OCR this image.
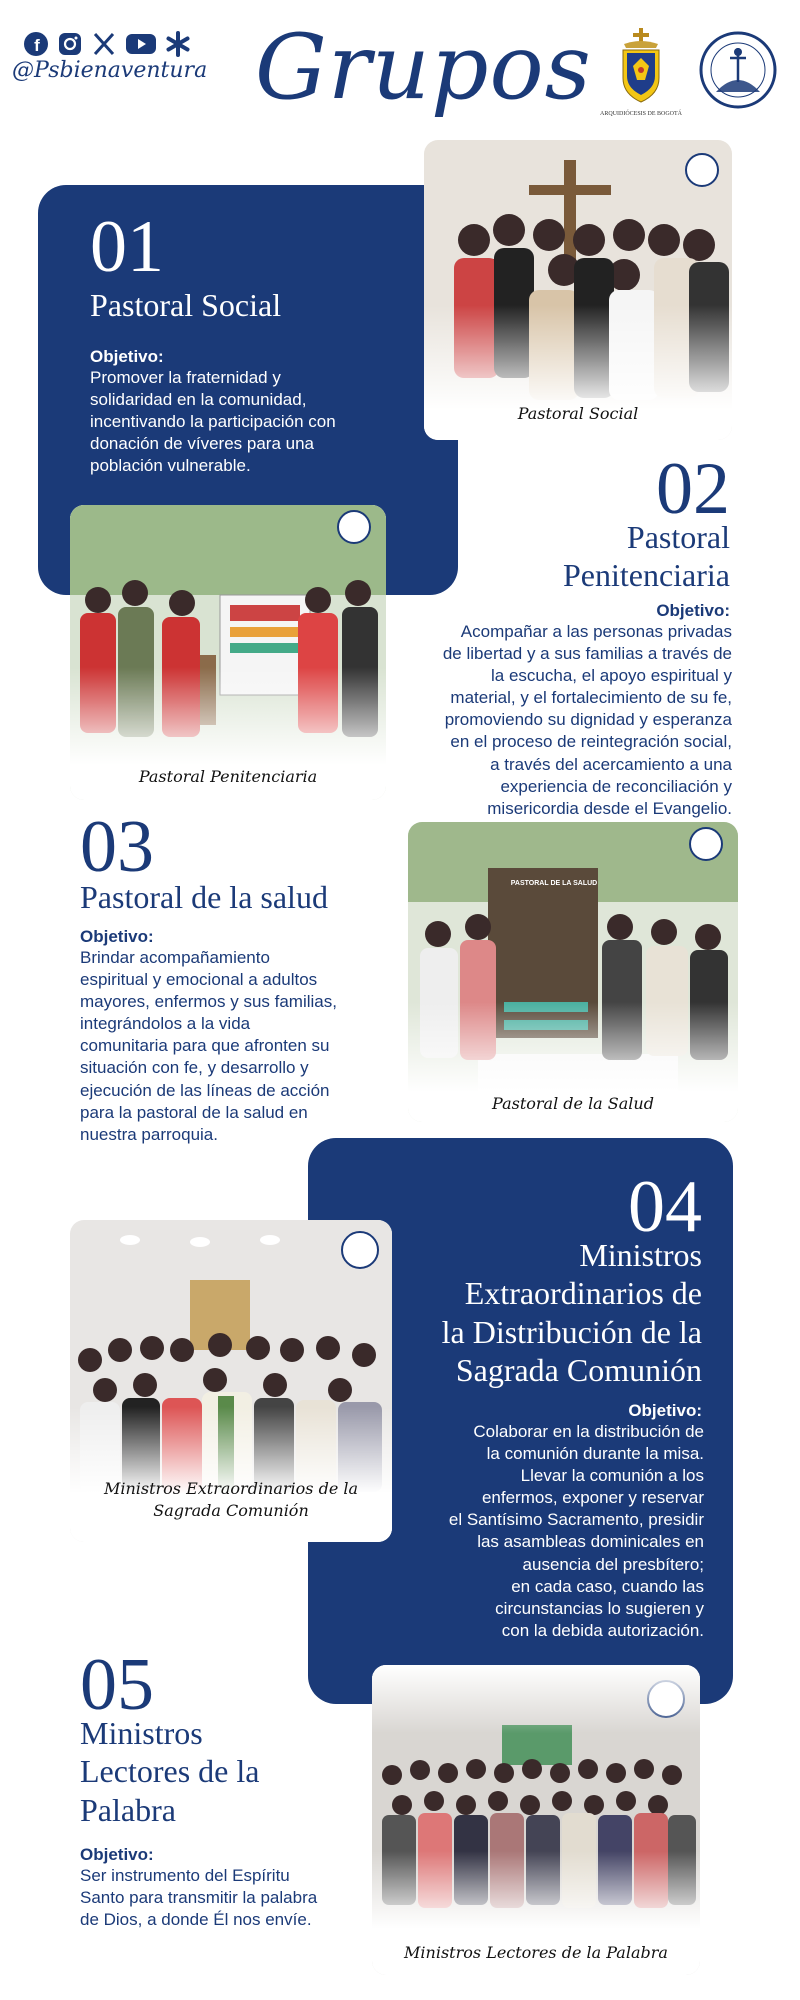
f
@Psbienaventura Grupos ARQUIDIÓCESIS DE BOGOTÁ
01
Pastoral Social
Objetivo:
Promover la fraternidad y
solidaridad en la comunidad,
incentivando la participación con
donación de víveres para una
población vulnerable.
Pastoral Social
02
Pastoral
Penitenciaria
Objetivo:
Acompañar a las personas privadas
de libertad y a sus familias a través de
la escucha, el apoyo espiritual y
material, y el fortalecimiento de su fe,
promoviendo su dignidad y esperanza
en el proceso de reintegración social,
a través del acercamiento a una
experiencia de reconciliación y
misericordia desde el Evangelio.
Pastoral Penitenciaria
03
Pastoral de la salud
Objetivo:
Brindar acompañamiento
espiritual y emocional a adultos
mayores, enfermos y sus familias,
integrándolos a la vida
comunitaria para que afronten su
situación con fe, y desarrollo y
ejecución de las líneas de acción
para la pastoral de la salud en
nuestra parroquia.
PASTORAL DE LA SALUD
Pastoral de la Salud
04
Ministros
Extraordinarios de
la Distribución de la
Sagrada Comunión
Objetivo:
Colaborar en la distribución de
la comunión durante la misa.
Llevar la comunión a los
enfermos, exponer y reservar
el Santísimo Sacramento, presidir
las asambleas dominicales en
ausencia del presbítero;
en cada caso, cuando las
circunstancias lo sugieren y
con la debida autorización.
Ministros Extraordinarios de la
Sagrada Comunión
05
Ministros
Lectores de la
Palabra
Objetivo:
Ser instrumento del Espíritu
Santo para transmitir la palabra
de Dios, a donde Él nos envíe.
Ministros Lectores de la Palabra
